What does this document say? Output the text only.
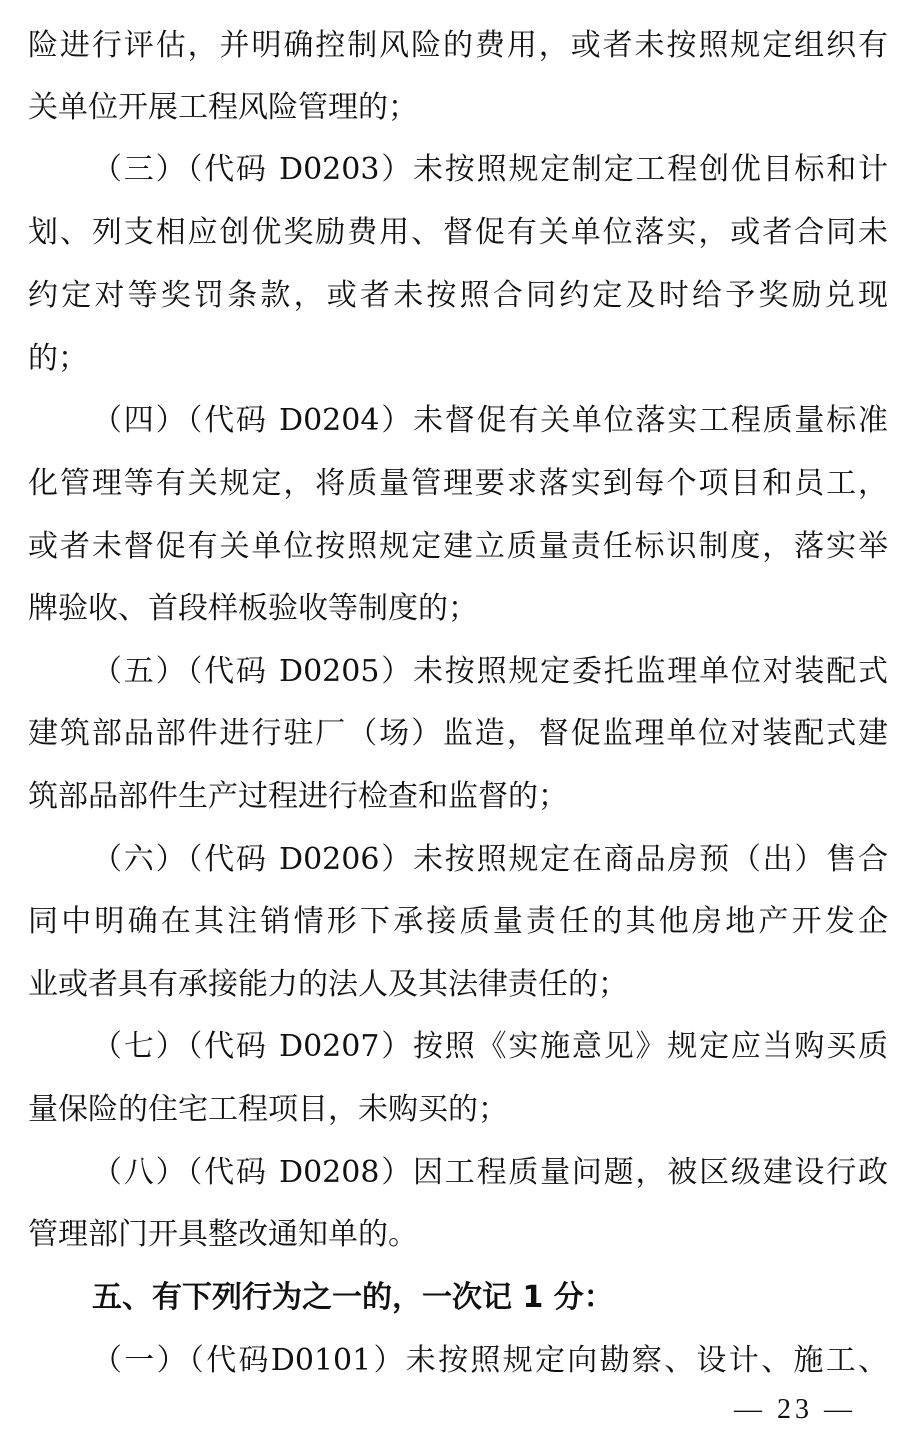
险进行评估，并明确控制风险的费用，或者未按照规定组织有
关单位开展工程风险管理的；
（三）（代码 D0203）未按照规定制定工程创优目标和计
划、列支相应创优奖励费用、督促有关单位落实，或者合同未
约定对等奖罚条款，或者未按照合同约定及时给予奖励兑现
的；
（四）（代码 D0204）未督促有关单位落实工程质量标准
化管理等有关规定，将质量管理要求落实到每个项目和员工，
或者未督促有关单位按照规定建立质量责任标识制度，落实举
牌验收、首段样板验收等制度的；
（五）（代码 D0205）未按照规定委托监理单位对装配式
建筑部品部件进行驻厂（场）监造，督促监理单位对装配式建
筑部品部件生产过程进行检查和监督的；
（六）（代码 D0206）未按照规定在商品房预（出）售合
同中明确在其注销情形下承接质量责任的其他房地产开发企
业或者具有承接能力的法人及其法律责任的；
（七）（代码 D0207）按照《实施意见》规定应当购买质
量保险的住宅工程项目，未购买的；
（八）（代码 D0208）因工程质量问题，被区级建设行政
管理部门开具整改通知单的。
五、有下列行为之一的，一次记 1 分：
（一）（代码D0101）未按照规定向勘察、设计、施工、
— 23 —
